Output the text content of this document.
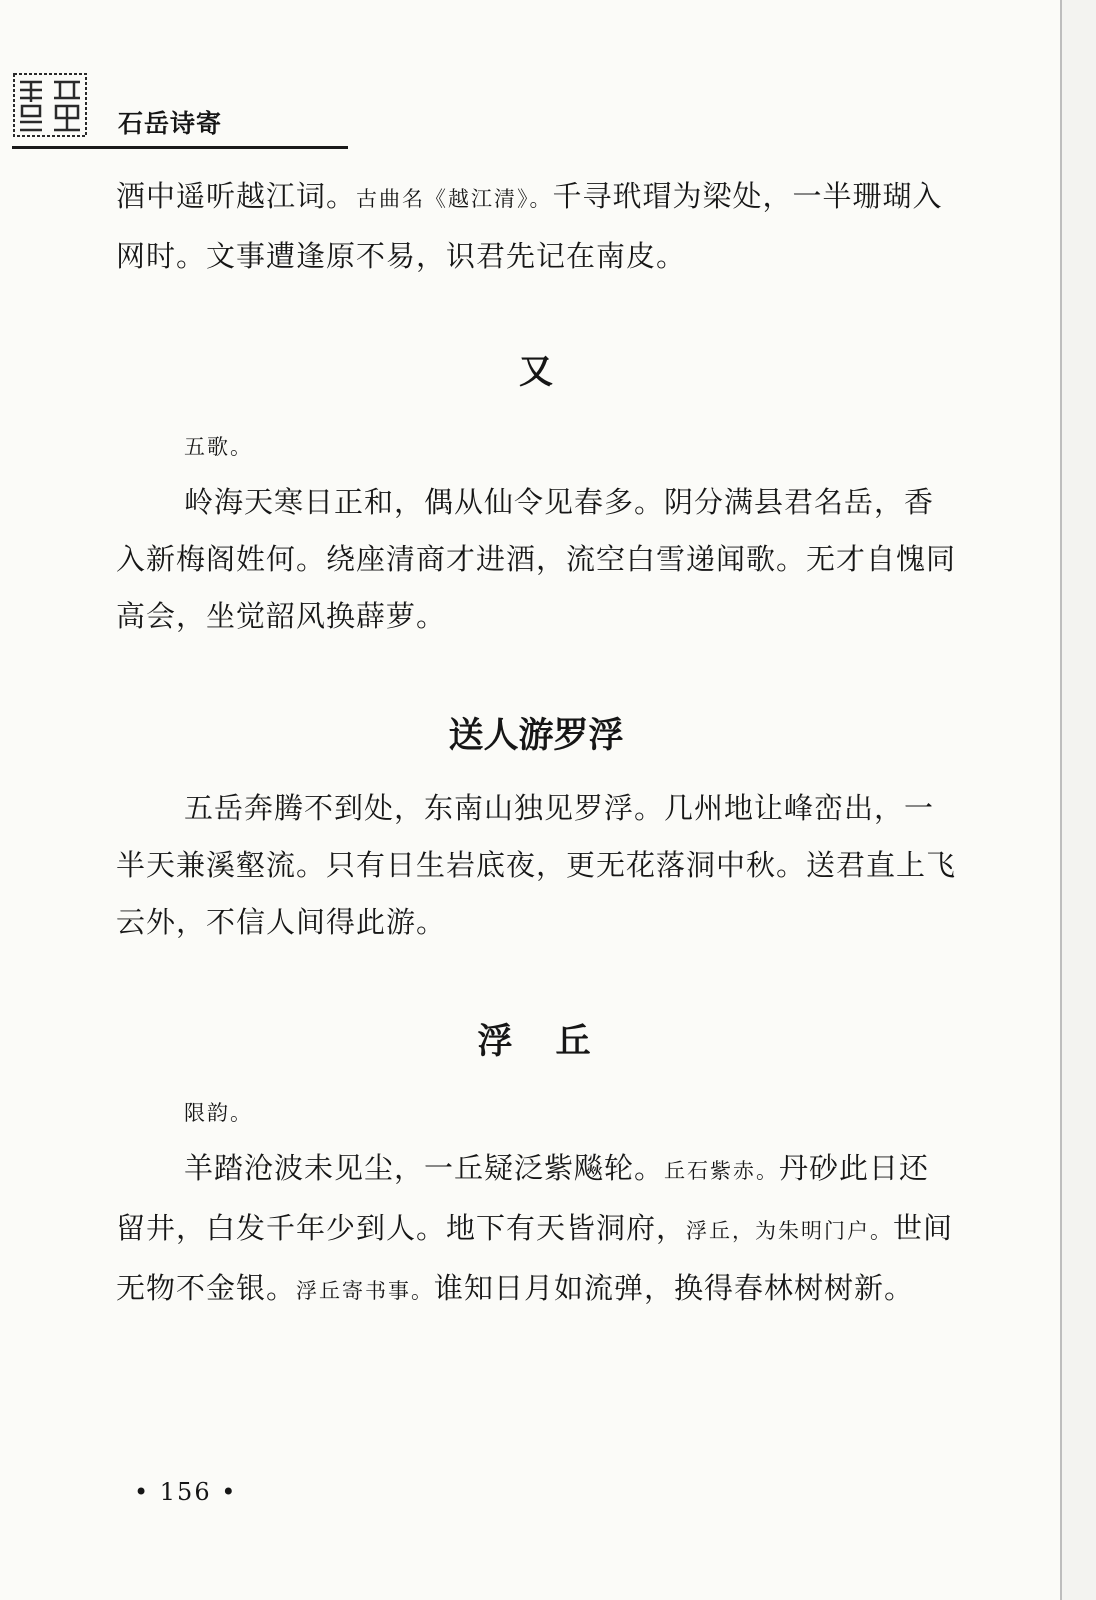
石岳诗寄

酒中遥听越江词。古曲名《越江清》。千寻玳瑁为梁处，一半珊瑚入网时。文事遭逢原不易，识君先记在南皮。

又

五歌。

岭海天寒日正和，偶从仙令见春多。阴分满县君名岳，香入新梅阁姓何。绕座清商才进酒，流空白雪递闻歌。无才自愧同高会，坐觉韶风换薜萝。

送人游罗浮

五岳奔腾不到处，东南山独见罗浮。几州地让峰峦出，一半天兼溪壑流。只有日生岩底夜，更无花落洞中秋。送君直上飞云外，不信人间得此游。

浮　丘

限韵。

羊踏沧波未见尘，一丘疑泛紫飚轮。丘石紫赤。丹砂此日还留井，白发千年少到人。地下有天皆洞府，浮丘，为朱明门户。世间无物不金银。浮丘寄书事。谁知日月如流弹，换得春林树树新。

• 156 •
